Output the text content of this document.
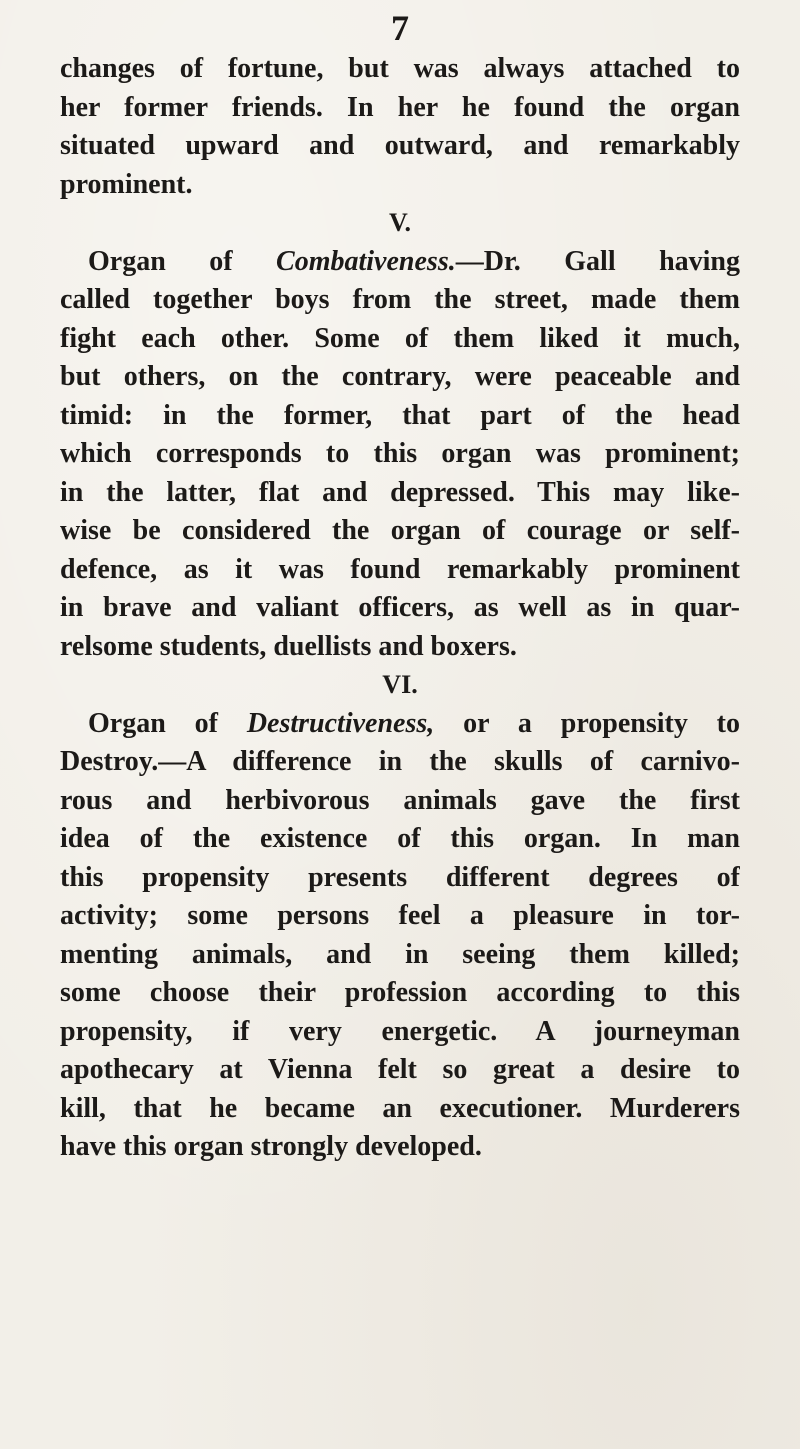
7
changes of fortune, but was always attached to
her former friends. In her he found the organ
situated upward and outward, and remarkably
prominent.
V.
Organ of Combativeness.—Dr. Gall having
called together boys from the street, made them
fight each other. Some of them liked it much,
but others, on the contrary, were peaceable and
timid: in the former, that part of the head
which corresponds to this organ was prominent;
in the latter, flat and depressed. This may like-
wise be considered the organ of courage or self-
defence, as it was found remarkably prominent
in brave and valiant officers, as well as in quar-
relsome students, duellists and boxers.
VI.
Organ of Destructiveness, or a propensity to
Destroy.—A difference in the skulls of carnivo-
rous and herbivorous animals gave the first
idea of the existence of this organ. In man
this propensity presents different degrees of
activity; some persons feel a pleasure in tor-
menting animals, and in seeing them killed;
some choose their profession according to this
propensity, if very energetic. A journeyman
apothecary at Vienna felt so great a desire to
kill, that he became an executioner. Murderers
have this organ strongly developed.
